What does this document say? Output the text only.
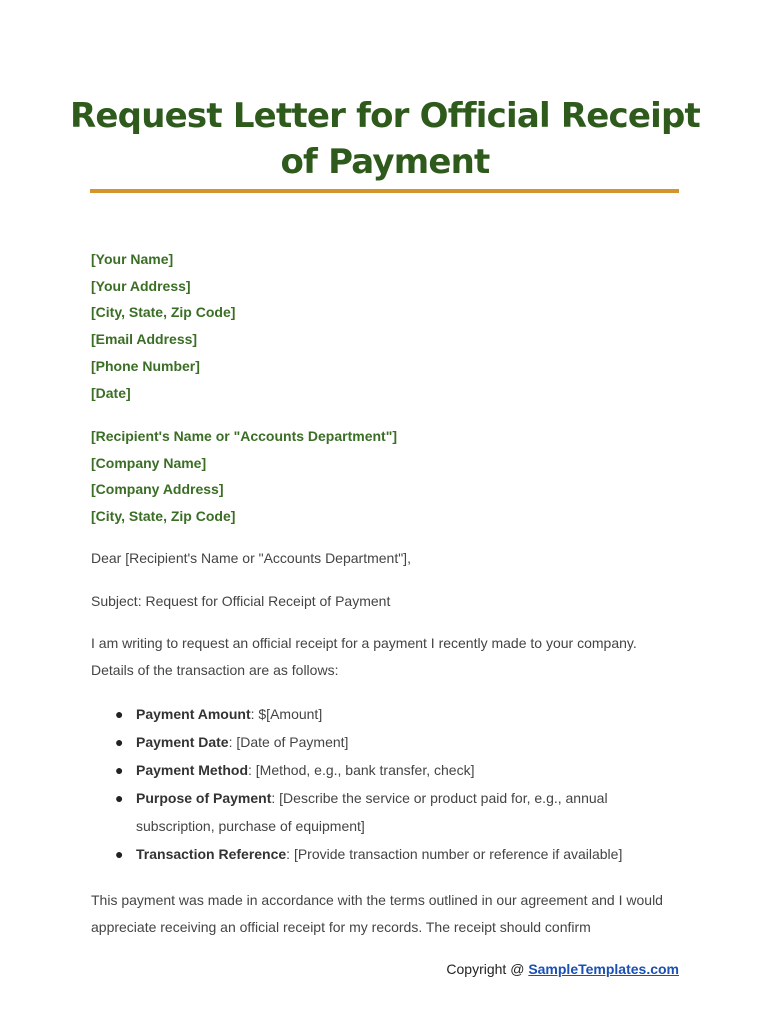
Request Letter for Official Receipt of Payment
[Your Name]
[Your Address]
[City, State, Zip Code]
[Email Address]
[Phone Number]
[Date]
[Recipient's Name or "Accounts Department"]
[Company Name]
[Company Address]
[City, State, Zip Code]

Dear [Recipient's Name or "Accounts Department"],

Subject: Request for Official Receipt of Payment

I am writing to request an official receipt for a payment I recently made to your company. Details of the transaction are as follows:

● Payment Amount: $[Amount]
● Payment Date: [Date of Payment]
● Payment Method: [Method, e.g., bank transfer, check]
● Purpose of Payment: [Describe the service or product paid for, e.g., annual subscription, purchase of equipment]
● Transaction Reference: [Provide transaction number or reference if available]

This payment was made in accordance with the terms outlined in our agreement and I would appreciate receiving an official receipt for my records. The receipt should confirm

Copyright @ SampleTemplates.com
